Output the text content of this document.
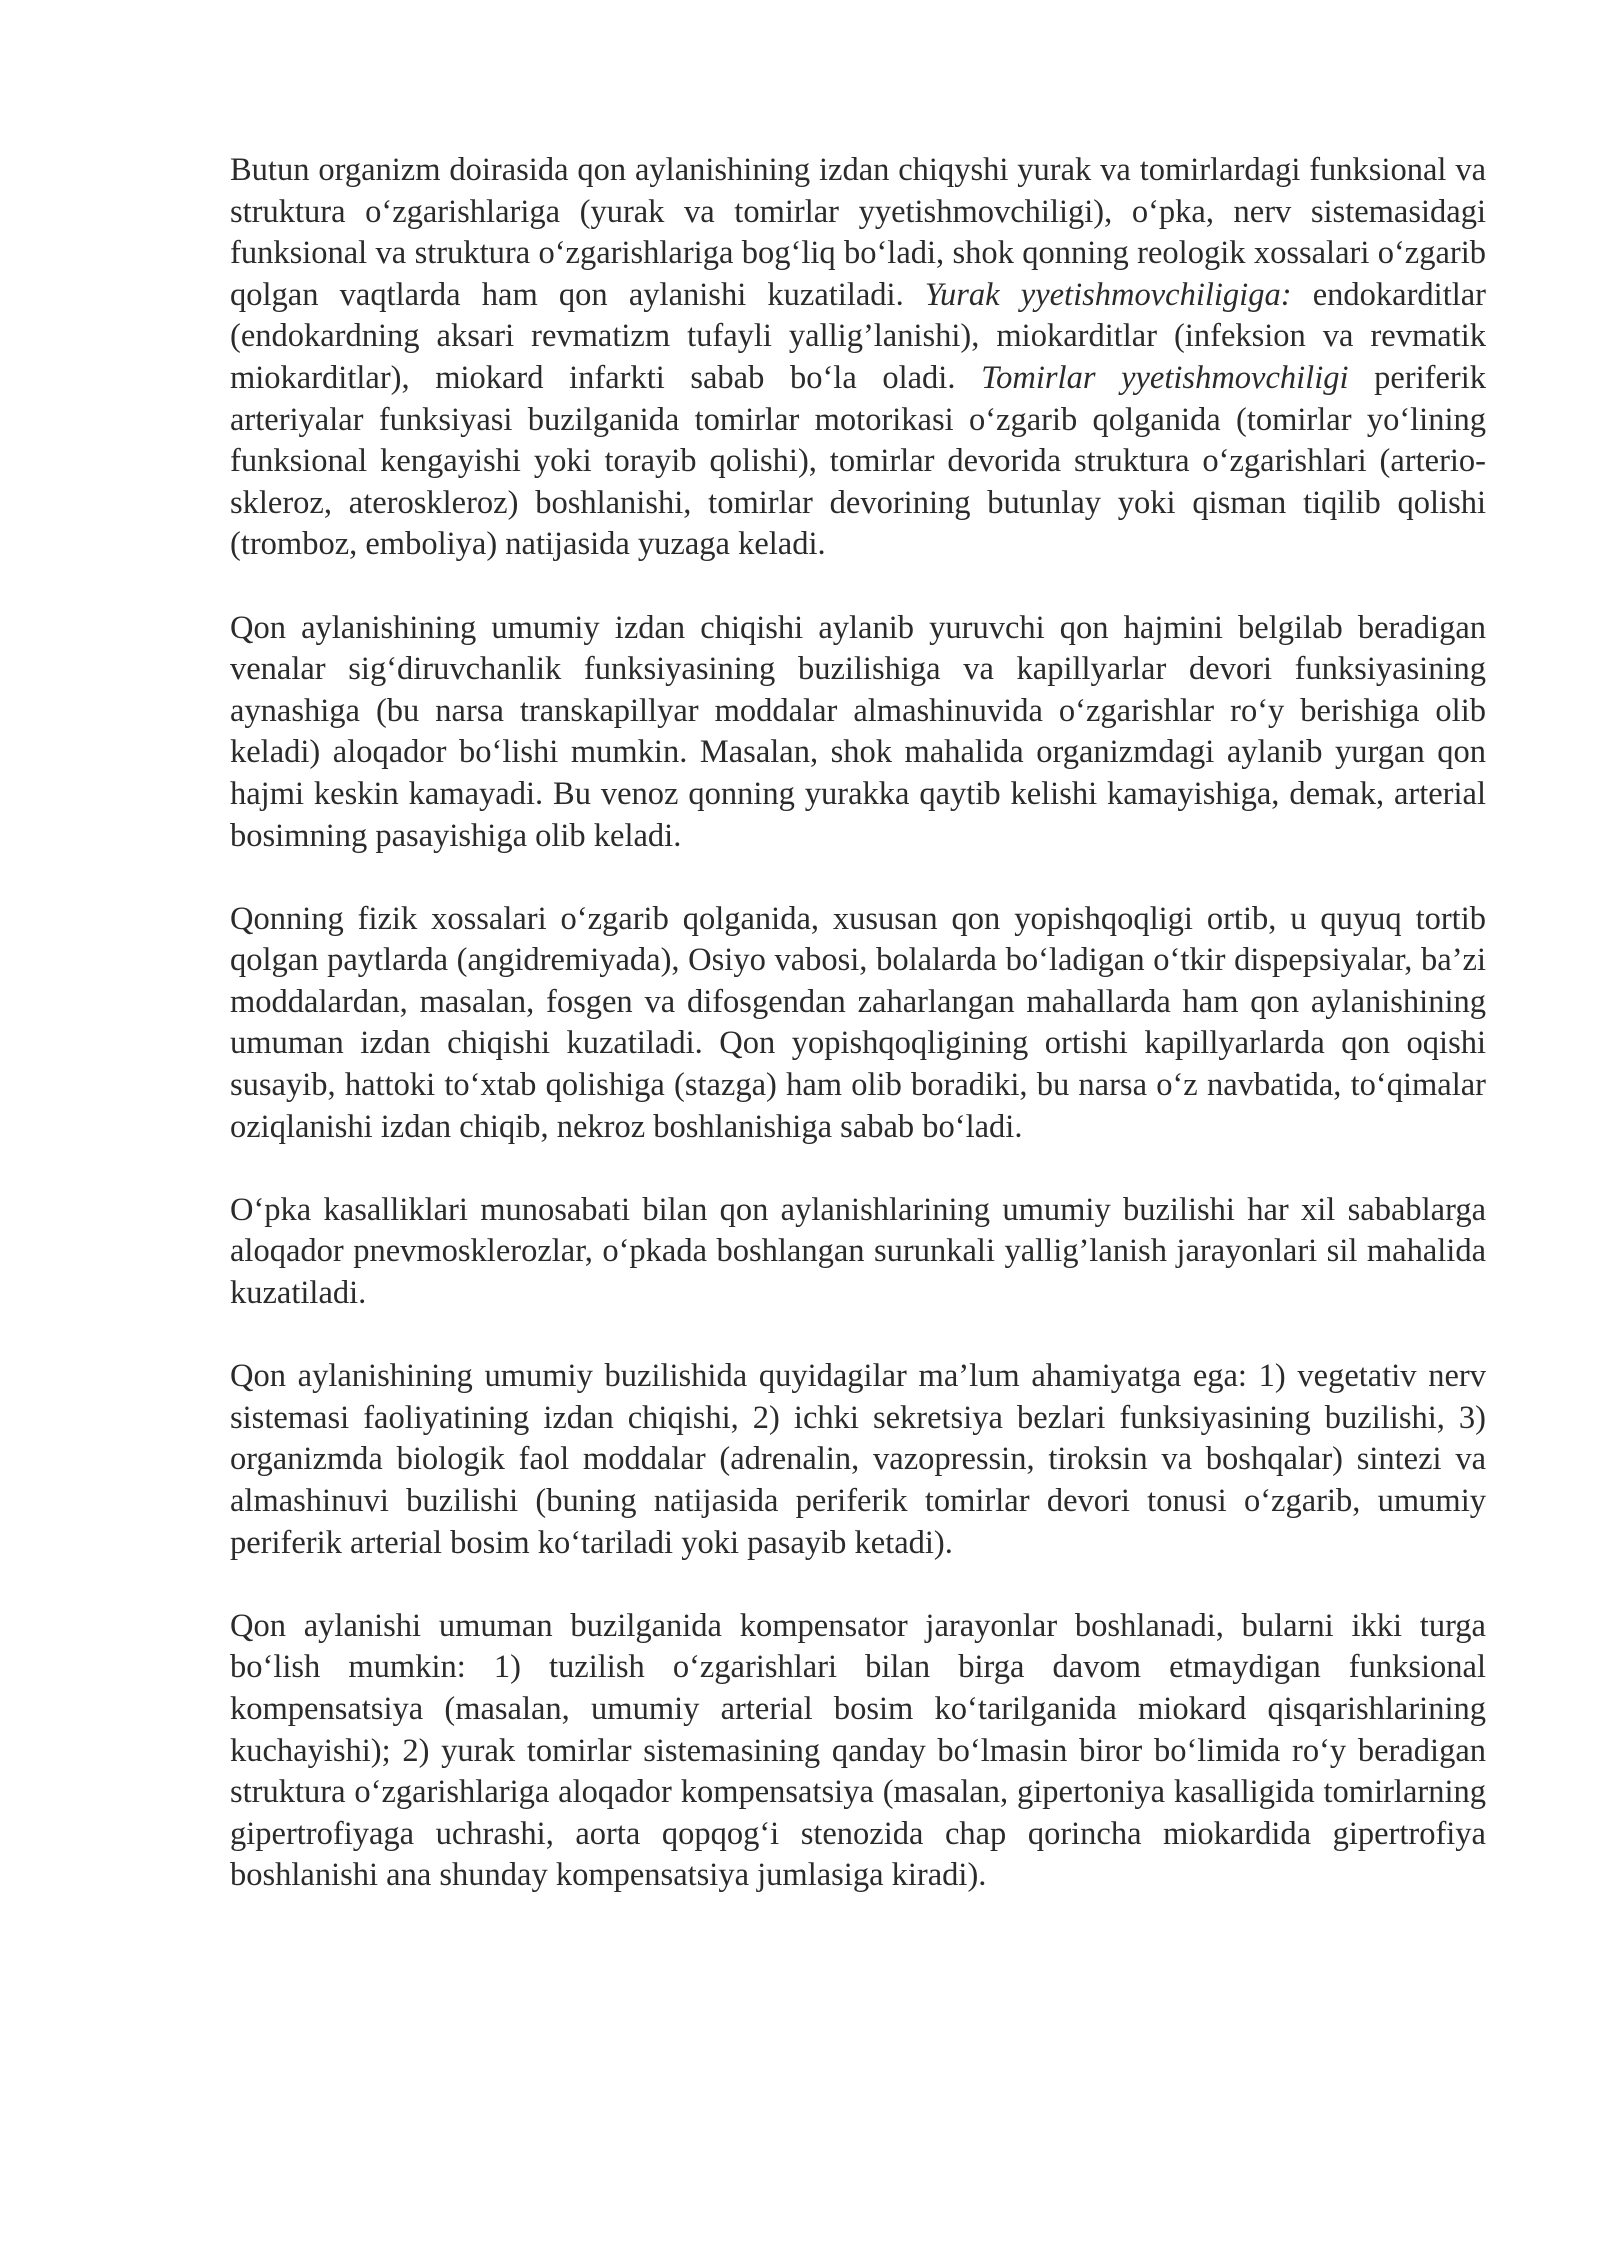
Butun organizm doirasida qon aylanishining izdan chiqyshi yurak va tomirlardagi funksional va struktura oʻzgarishlariga (yurak va tomirlar yyetishmovchiligi), oʻpka, nerv sistemasidagi funksional va struktura oʻzgarishlariga bogʻliq boʻladi, shok qonning reologik xossalari oʻzgarib qolgan vaqtlarda ham qon aylanishi kuzatiladi. Yurak yyetishmovchiligiga: endokarditlar (endokardning aksari revmatizm tufayli yallig’lanishi), miokarditlar (infeksion va revmatik miokarditlar), miokard infarkti sabab boʻla oladi. Tomirlar yyetishmovchiligi periferik arteriyalar funksiyasi buzilganida tomirlar motorikasi oʻzgarib qolganida (tomirlar yoʻlining funksional kengayishi yoki torayib qolishi), tomirlar devorida struktura oʻzgarishlari (arterioskleroz, ateroskleroz) boshlanishi, tomirlar devorining butunlay yoki qisman tiqilib qolishi (tromboz, emboliya) natijasida yuzaga keladi.

Qon aylanishining umumiy izdan chiqishi aylanib yuruvchi qon hajmini belgilab beradigan venalar sigʻdiruvchanlik funksiyasining buzilishiga va kapillyarlar devori funksiyasining aynashiga (bu narsa transkapillyar moddalar almashinuvida oʻzgarishlar roʻy berishiga olib keladi) aloqador boʻlishi mumkin. Masalan, shok mahalida organizmdagi aylanib yurgan qon hajmi keskin kamayadi. Bu venoz qonning yurakka qaytib kelishi kamayishiga, demak, arterial bosimning pasayishiga olib keladi.

Qonning fizik xossalari oʻzgarib qolganida, xususan qon yopishqoqligi ortib, u quyuq tortib qolgan paytlarda (angidremiyada), Osiyo vabosi, bolalarda boʻladigan oʻtkir dispepsiyalar, ba’zi moddalardan, masalan, fosgen va difosgendan zaharlangan mahallarda ham qon aylanishining umuman izdan chiqishi kuzatiladi. Qon yopishqoqligining ortishi kapillyarlarda qon oqishi susayib, hattoki toʻxtab qolishiga (stazga) ham olib boradiki, bu narsa oʻz navbatida, toʻqimalar oziqlanishi izdan chiqib, nekroz boshlanishiga sabab boʻladi.

Oʻpka kasalliklari munosabati bilan qon aylanishlarining umumiy buzilishi har xil sabablarga aloqador pnevmosklerozlar, oʻpkada boshlangan surunkali yallig’lanish jarayonlari sil mahalida kuzatiladi.

Qon aylanishining umumiy buzilishida quyidagilar ma’lum ahamiyatga ega: 1) vegetativ nerv sistemasi faoliyatining izdan chiqishi, 2) ichki sekretsiya bezlari funksiyasining buzilishi, 3) organizmda biologik faol moddalar (adrenalin, vazopressin, tiroksin va boshqalar) sintezi va almashinuvi buzilishi (buning natijasida periferik tomirlar devori tonusi oʻzgarib, umumiy periferik arterial bosim koʻtariladi yoki pasayib ketadi).

Qon aylanishi umuman buzilganida kompensator jarayonlar boshlanadi, bularni ikki turga boʻlish mumkin: 1) tuzilish oʻzgarishlari bilan birga davom etmaydigan funksional kompensatsiya (masalan, umumiy arterial bosim koʻtarilganida miokard qisqarishlarining kuchayishi); 2) yurak tomirlar sistemasining qanday boʻlmasin biror boʻlimida roʻy beradigan struktura oʻzgarishlariga aloqador kompensatsiya (masalan, gipertoniya kasalligida tomirlarning gipertrofiyaga uchrashi, aorta qopqogʻi stenozida chap qorincha miokardida gipertrofiya boshlanishi ana shunday kompensatsiya jumlasiga kiradi).
